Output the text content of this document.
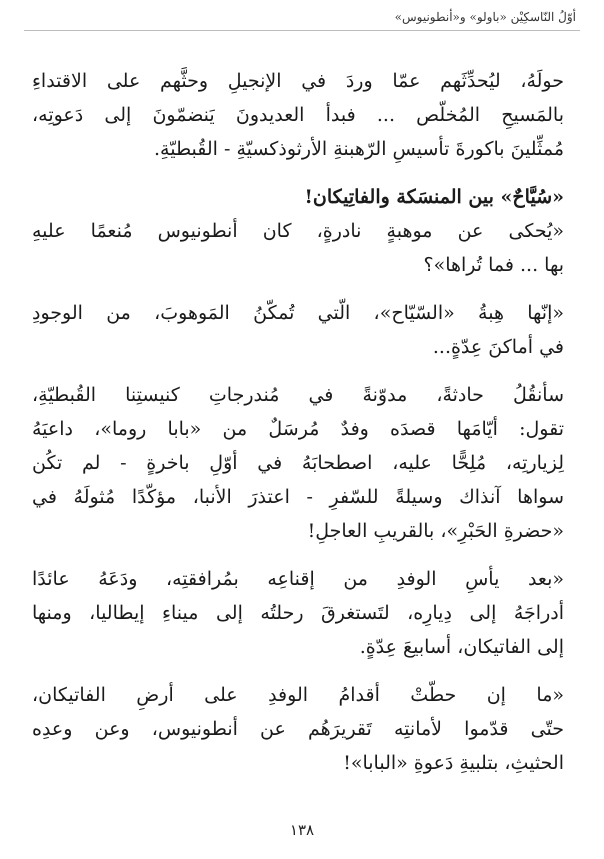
أوّلُ النّاسكِيْن «باولو» و«أنطونيوس»
حولَهُ، ليُحدِّثَهم عمّا وردَ في الإنجيلِ وحثَّهم على الاقتداءِ
بالمَسيحِ المُخلّص ... فبدأ العديدونَ يَنضمّونَ إلى دَعوتِه،
مُمثِّلينَ باكورةَ تأسيسِ الرّهبنةِ الأرثوذكسيّةِ - القُبطيّةِ.
«سُيَّاحٌ» بين المنسَكة والفاتِيكان!
«يُحكى عن موهبةٍ نادرةٍ، كان أنطونيوس مُنعمًا عليهِ
بها ... فما تُراها»؟
«إنّها هِبةُ «السّيّاح»، الّتي تُمكّنُ المَوهوبَ، من الوجودِ
في أماكنَ عِدّةٍ...
سأنقُلُ حادثةً، مدوّنةً في مُندرجاتِ كنيستِنا القُبطيّةِ،
تقول: أيّامَها قصدَه وفدٌ مُرسَلٌ من «بابا روما»، داعيَهُ
لِزيارتِه، مُلِحًّا عليه، اصطحابَهُ في أوّلِ باخرةٍ - لم تكُن
سواها آنذاك وسيلةً للسّفرِ - اعتذرَ الأنبا، مؤكّدًا مُثولَهُ في
«حضرةِ الحَبْرِ»، بالقريبِ العاجلِ!
«بعد يأسِ الوفدِ من إقناعِه بمُرافقتِه، ودَعَهُ عائدًا
أدراجَهُ إلى دِيارِه، لتَستغرقَ رحلتُه إلى ميناءِ إيطاليا، ومنها
إلى الفاتيكان، أسابيعَ عِدّةٍ.
«ما إن حطّتْ أقدامُ الوفدِ على أرضِ الفاتيكان،
حتّى قدّموا لأمانتِه تَقريرَهُم عن أنطونيوس، وعن وعدِه
الحثيثِ، بتلبيةِ دَعوةِ «البابا»!
١٣٨
